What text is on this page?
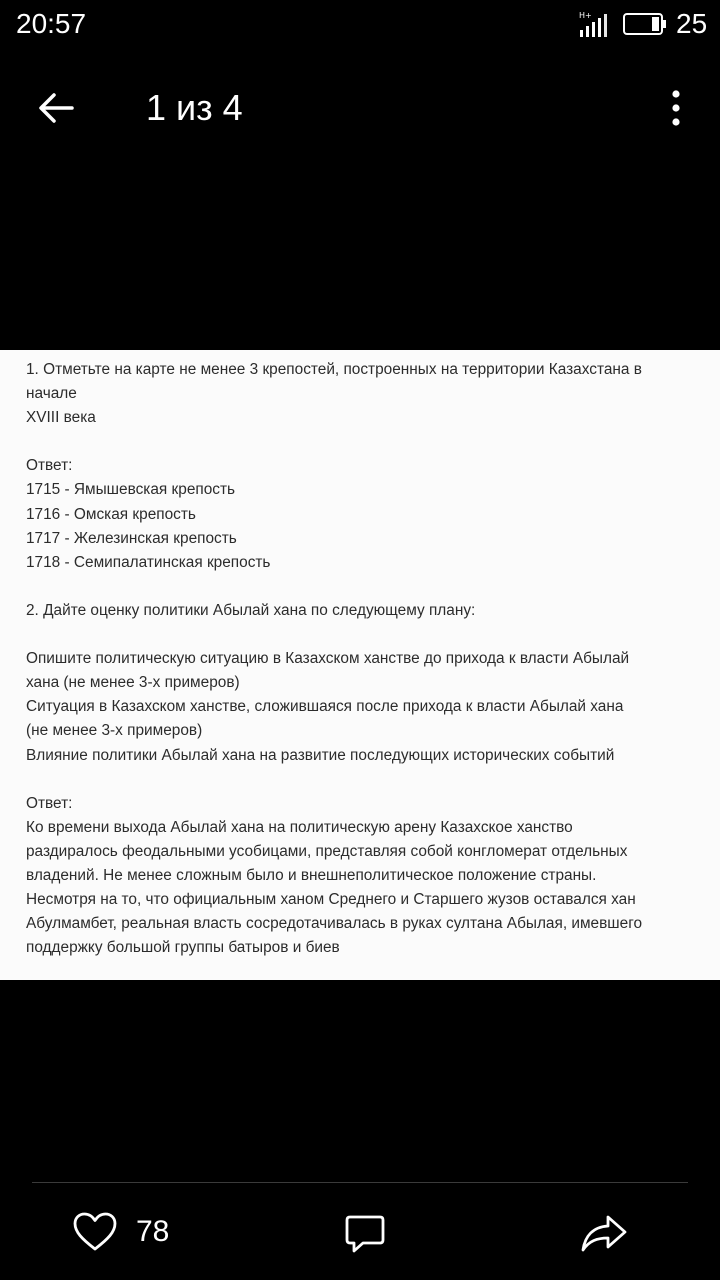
20:57	H+	25
1 из 4
1. Отметьте на карте не менее 3 крепостей, построенных на территории Казахстана в
начале
XVIII века
Ответ:
1715 - Ямышевская крепость
1716 - Омская крепость
1717 - Железинская крепость
1718 - Семипалатинская крепость
2. Дайте оценку политики Абылай хана по следующему плану:
Опишите политическую ситуацию в Казахском ханстве до прихода к власти Абылай
хана (не менее 3-х примеров)
Ситуация в Казахском ханстве, сложившаяся после прихода к власти Абылай хана
(не менее 3-х примеров)
Влияние политики Абылай хана на развитие последующих исторических событий
Ответ:
Ко времени выхода Абылай хана на политическую арену Казахское ханство
раздиралось феодальными усобицами, представляя собой конгломерат отдельных
владений. Не менее сложным было и внешнеполитическое положение страны.
Несмотря на то, что официальным ханом Среднего и Старшего жузов оставался хан
Абулмамбет, реальная власть сосредотачивалась в руках султана Абылая, имевшего
поддержку большой группы батыров и биев
78
